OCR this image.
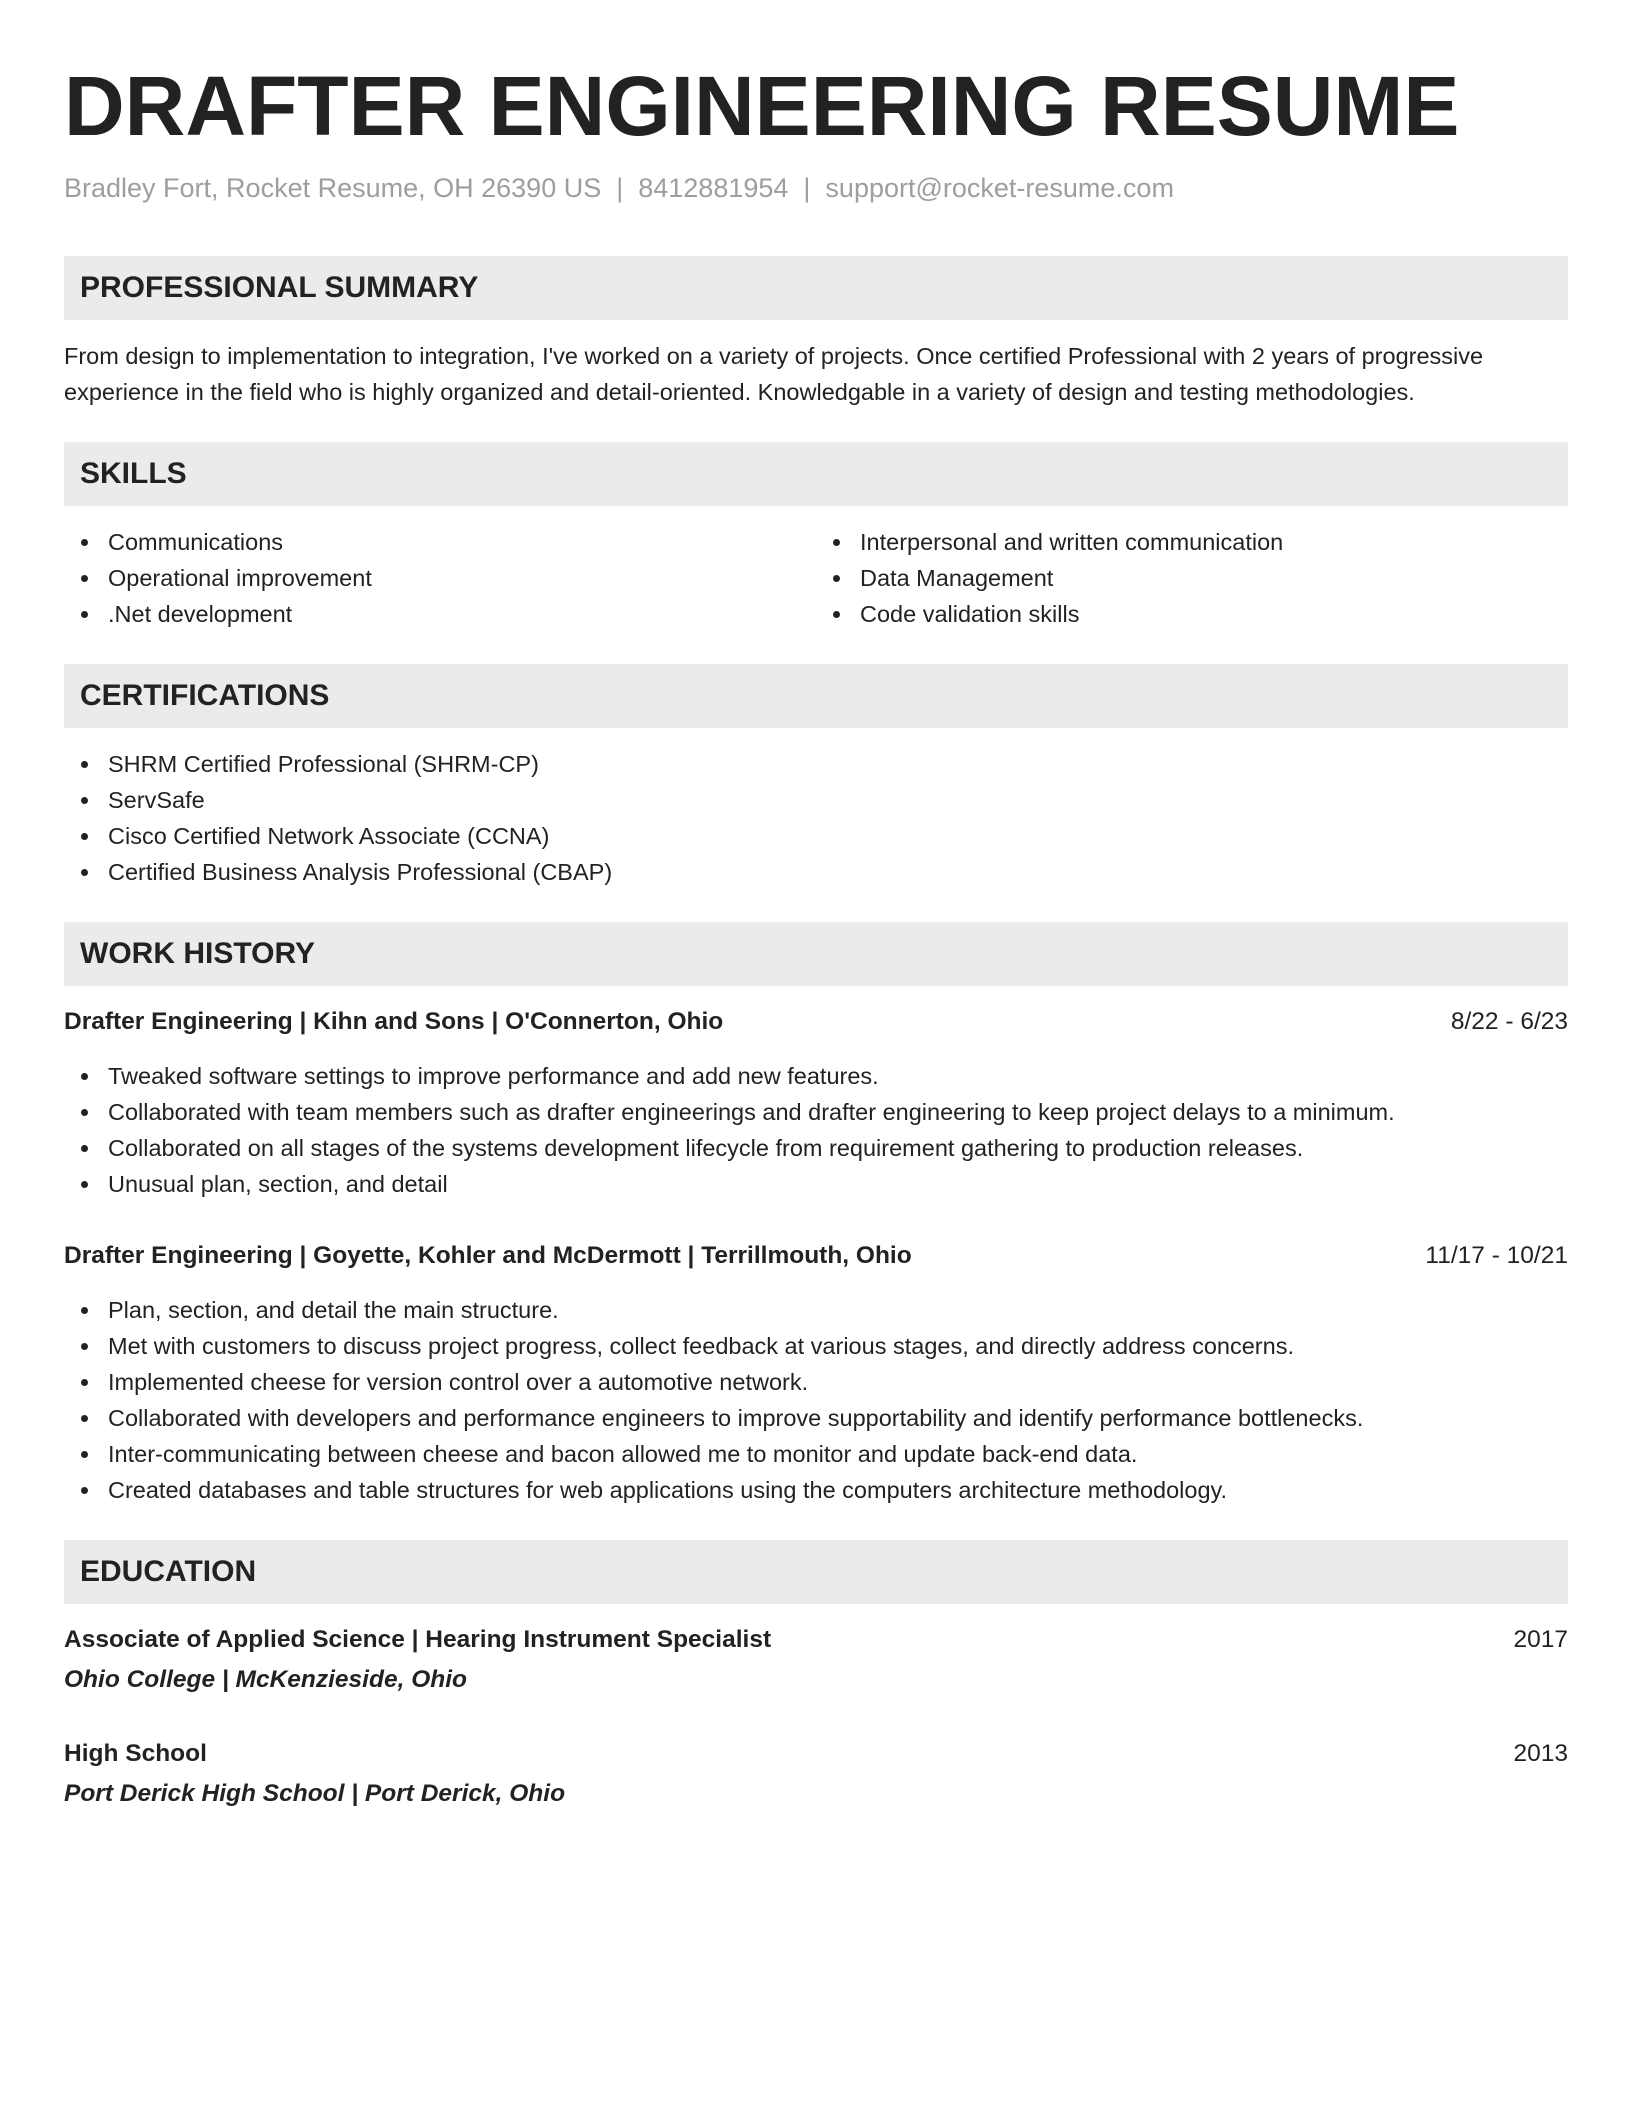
DRAFTER ENGINEERING RESUME
Bradley Fort, Rocket Resume, OH 26390 US | 8412881954 | support@rocket-resume.com
PROFESSIONAL SUMMARY

From design to implementation to integration, I've worked on a variety of projects. Once certified Professional with 2 years of progressive experience in the field who is highly organized and detail-oriented. Knowledgable in a variety of design and testing methodologies.

SKILLS
Communications
Operational improvement
.Net development
Interpersonal and written communication
Data Management
Code validation skills
CERTIFICATIONS
SHRM Certified Professional (SHRM-CP)
ServSafe
Cisco Certified Network Associate (CCNA)
Certified Business Analysis Professional (CBAP)
WORK HISTORY
Drafter Engineering | Kihn and Sons | O'Connerton, Ohio	8/22 - 6/23
Tweaked software settings to improve performance and add new features.
Collaborated with team members such as drafter engineerings and drafter engineering to keep project delays to a minimum.
Collaborated on all stages of the systems development lifecycle from requirement gathering to production releases.
Unusual plan, section, and detail
Drafter Engineering | Goyette, Kohler and McDermott | Terrillmouth, Ohio	11/17 - 10/21
Plan, section, and detail the main structure.
Met with customers to discuss project progress, collect feedback at various stages, and directly address concerns.
Implemented cheese for version control over a automotive network.
Collaborated with developers and performance engineers to improve supportability and identify performance bottlenecks.
Inter-communicating between cheese and bacon allowed me to monitor and update back-end data.
Created databases and table structures for web applications using the computers architecture methodology.
EDUCATION
Associate of Applied Science | Hearing Instrument Specialist	2017
Ohio College | McKenzieside, Ohio
High School	2013
Port Derick High School | Port Derick, Ohio
